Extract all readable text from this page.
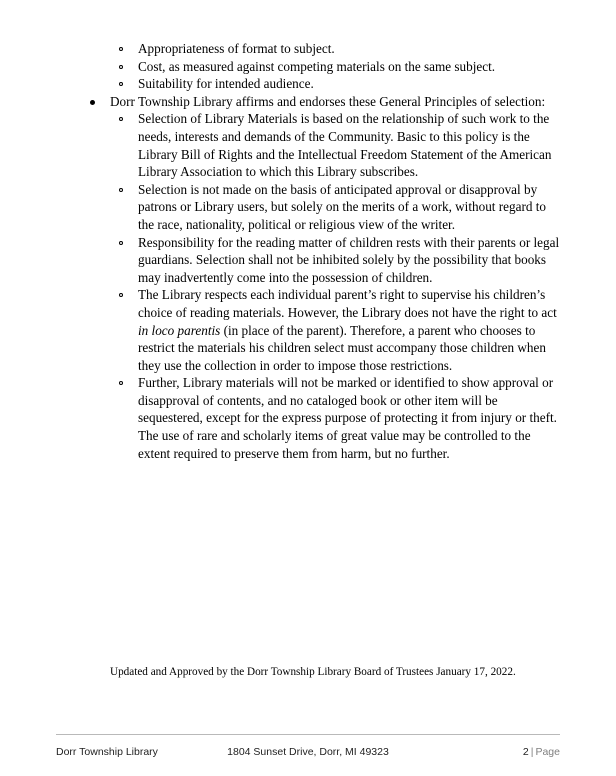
Appropriateness of format to subject.
Cost, as measured against competing materials on the same subject.
Suitability for intended audience.
Dorr Township Library affirms and endorses these General Principles of selection:
Selection of Library Materials is based on the relationship of such work to the needs, interests and demands of the Community. Basic to this policy is the Library Bill of Rights and the Intellectual Freedom Statement of the American Library Association to which this Library subscribes.
Selection is not made on the basis of anticipated approval or disapproval by patrons or Library users, but solely on the merits of a work, without regard to the race, nationality, political or religious view of the writer.
Responsibility for the reading matter of children rests with their parents or legal guardians. Selection shall not be inhibited solely by the possibility that books may inadvertently come into the possession of children.
The Library respects each individual parent’s right to supervise his children’s choice of reading materials. However, the Library does not have the right to act in loco parentis (in place of the parent). Therefore, a parent who chooses to restrict the materials his children select must accompany those children when they use the collection in order to impose those restrictions.
Further, Library materials will not be marked or identified to show approval or disapproval of contents, and no cataloged book or other item will be sequestered, except for the express purpose of protecting it from injury or theft. The use of rare and scholarly items of great value may be controlled to the extent required to preserve them from harm, but no further.
Updated and Approved by the Dorr Township Library Board of Trustees January 17, 2022.
Dorr Township Library	1804 Sunset Drive, Dorr, MI 49323	2 | Page
